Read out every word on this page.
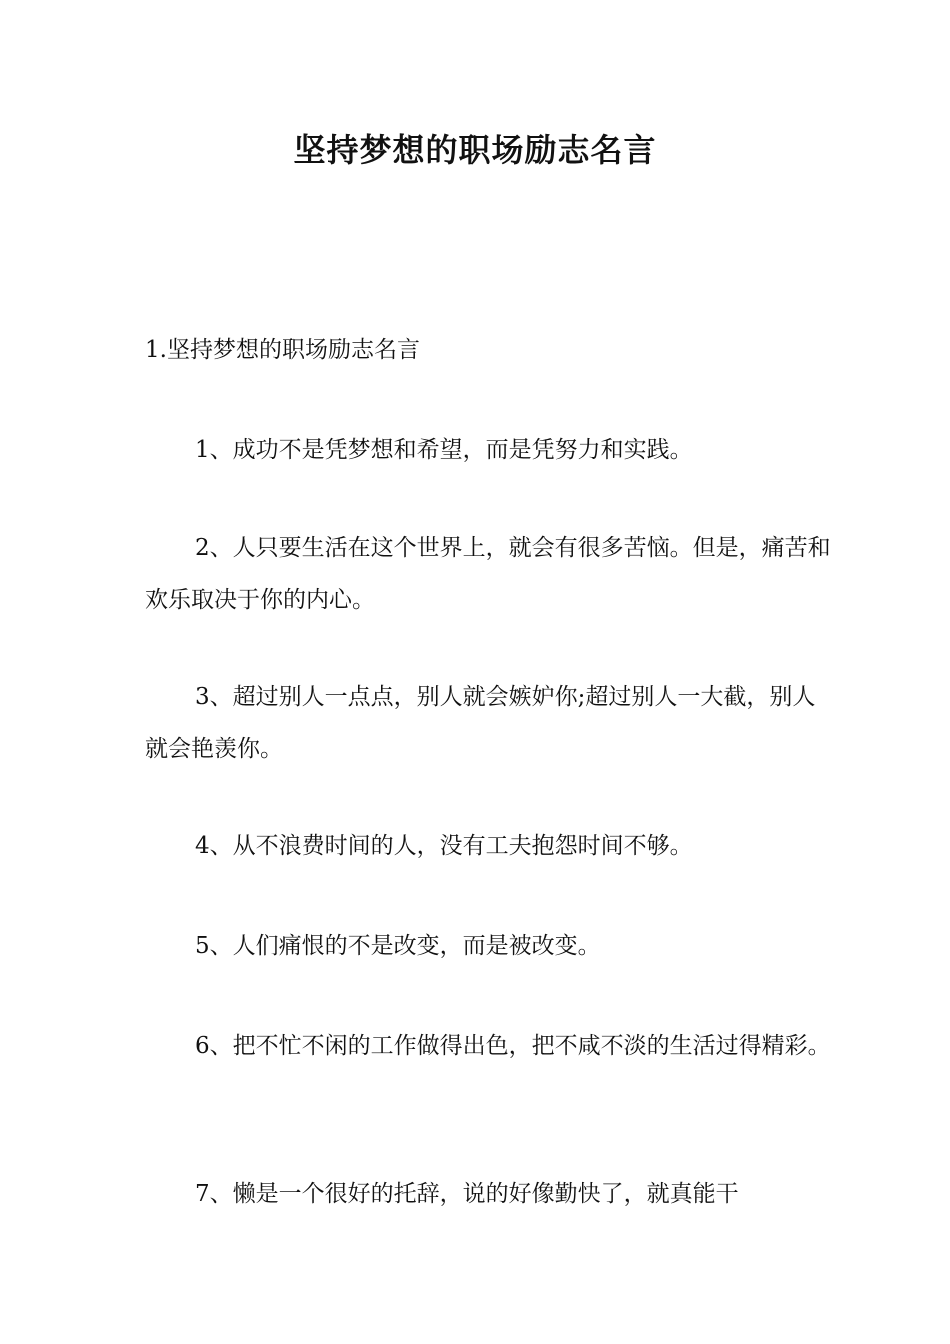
坚持梦想的职场励志名言

1.坚持梦想的职场励志名言

1、成功不是凭梦想和希望，而是凭努力和实践。

2、人只要生活在这个世界上，就会有很多苦恼。但是，痛苦和欢乐取决于你的内心。

3、超过别人一点点，别人就会嫉妒你;超过别人一大截，别人就会艳羡你。

4、从不浪费时间的人，没有工夫抱怨时间不够。

5、人们痛恨的不是改变，而是被改变。

6、把不忙不闲的工作做得出色，把不咸不淡的生活过得精彩。

7、懒是一个很好的托辞，说的好像勤快了，就真能干
